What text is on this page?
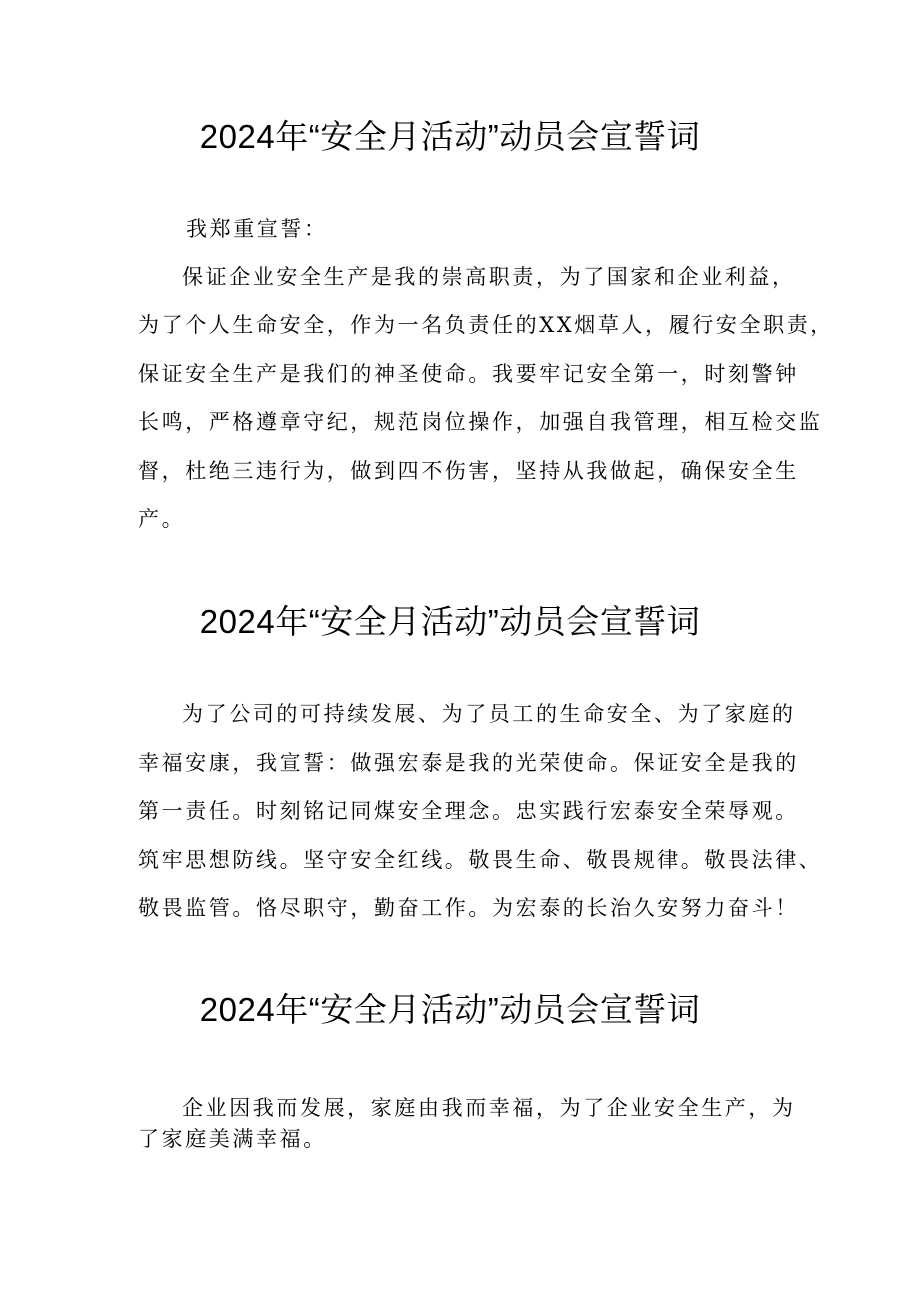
2024年“安全月活动”动员会宣誓词

我郑重宣誓：

保证企业安全生产是我的崇高职责，为了国家和企业利益，

为了个人生命安全，作为一名负责任的XX烟草人，履行安全职责，

保证安全生产是我们的神圣使命。我要牢记安全第一，时刻警钟

长鸣，严格遵章守纪，规范岗位操作，加强自我管理，相互检交监

督，杜绝三违行为，做到四不伤害，坚持从我做起，确保安全生

产。

2024年“安全月活动”动员会宣誓词

为了公司的可持续发展、为了员工的生命安全、为了家庭的

幸福安康，我宣誓：做强宏泰是我的光荣使命。保证安全是我的

第一责任。时刻铭记同煤安全理念。忠实践行宏泰安全荣辱观。

筑牢思想防线。坚守安全红线。敬畏生命、敬畏规律。敬畏法律、

敬畏监管。恪尽职守，勤奋工作。为宏泰的长治久安努力奋斗！

2024年“安全月活动”动员会宣誓词

企业因我而发展，家庭由我而幸福，为了企业安全生产，为

了家庭美满幸福。
